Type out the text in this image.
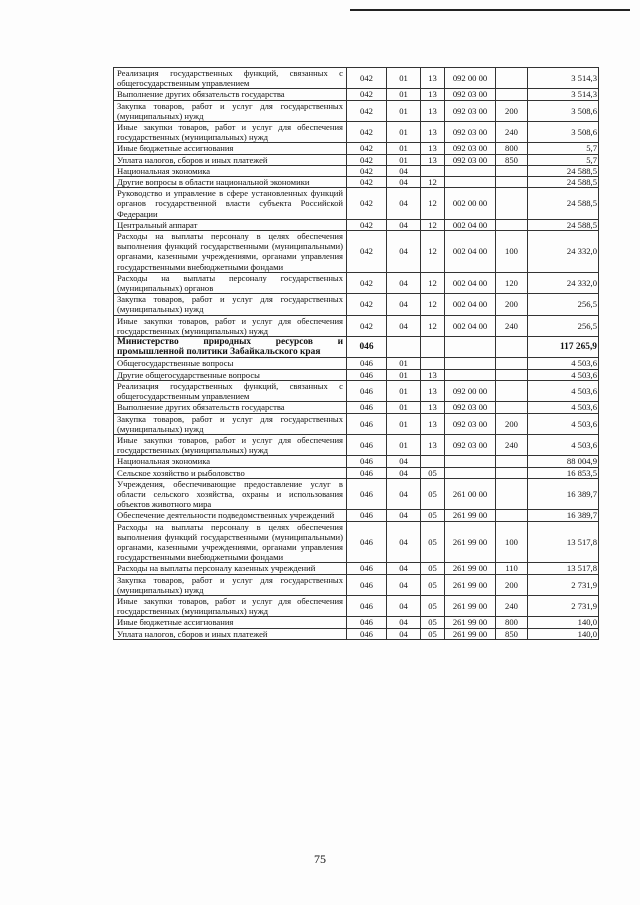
Реализация государственных функций, связанных с общегосударственным управлением	042	01	13	092 00 00		3 514,3
Выполнение других обязательств государства	042	01	13	092 03 00		3 514,3
Закупка товаров, работ и услуг для государственных (муниципальных) нужд	042	01	13	092 03 00	200	3 508,6
Иные закупки товаров, работ и услуг для обеспечения государственных (муниципальных) нужд	042	01	13	092 03 00	240	3 508,6
Иные бюджетные ассигнования	042	01	13	092 03 00	800	5,7
Уплата налогов, сборов и иных платежей	042	01	13	092 03 00	850	5,7
Национальная экономика	042	04				24 588,5
Другие вопросы в области национальной экономики	042	04	12			24 588,5
Руководство и управление в сфере установленных функций органов государственной власти субъекта Российской Федерации	042	04	12	002 00 00		24 588,5
Центральный аппарат	042	04	12	002 04 00		24 588,5
Расходы на выплаты персоналу в целях обеспечения выполнения функций государственными (муниципальными) органами, казенными учреждениями, органами управления государственными внебюджетными фондами	042	04	12	002 04 00	100	24 332,0
Расходы на выплаты персоналу государственных (муниципальных) органов	042	04	12	002 04 00	120	24 332,0
Закупка товаров, работ и услуг для государственных (муниципальных) нужд	042	04	12	002 04 00	200	256,5
Иные закупки товаров, работ и услуг для обеспечения государственных (муниципальных) нужд	042	04	12	002 04 00	240	256,5
Министерство природных ресурсов и промышленной политики Забайкальского края	046					117 265,9
Общегосударственные вопросы	046	01				4 503,6
Другие общегосударственные вопросы	046	01	13			4 503,6
Реализация государственных функций, связанных с общегосударственным управлением	046	01	13	092 00 00		4 503,6
Выполнение других обязательств государства	046	01	13	092 03 00		4 503,6
Закупка товаров, работ и услуг для государственных (муниципальных) нужд	046	01	13	092 03 00	200	4 503,6
Иные закупки товаров, работ и услуг для обеспечения государственных (муниципальных) нужд	046	01	13	092 03 00	240	4 503,6
Национальная экономика	046	04				88 004,9
Сельское хозяйство и рыболовство	046	04	05			16 853,5
Учреждения, обеспечивающие предоставление услуг в области сельского хозяйства, охраны и использования объектов животного мира	046	04	05	261 00 00		16 389,7
Обеспечение деятельности подведомственных учреждений	046	04	05	261 99 00		16 389,7
Расходы на выплаты персоналу в целях обеспечения выполнения функций государственными (муниципальными) органами, казенными учреждениями, органами управления государственными внебюджетными фондами	046	04	05	261 99 00	100	13 517,8
Расходы на выплаты персоналу казенных учреждений	046	04	05	261 99 00	110	13 517,8
Закупка товаров, работ и услуг для государственных (муниципальных) нужд	046	04	05	261 99 00	200	2 731,9
Иные закупки товаров, работ и услуг для обеспечения государственных (муниципальных) нужд	046	04	05	261 99 00	240	2 731,9
Иные бюджетные ассигнования	046	04	05	261 99 00	800	140,0
Уплата налогов, сборов и иных платежей	046	04	05	261 99 00	850	140,0
75
